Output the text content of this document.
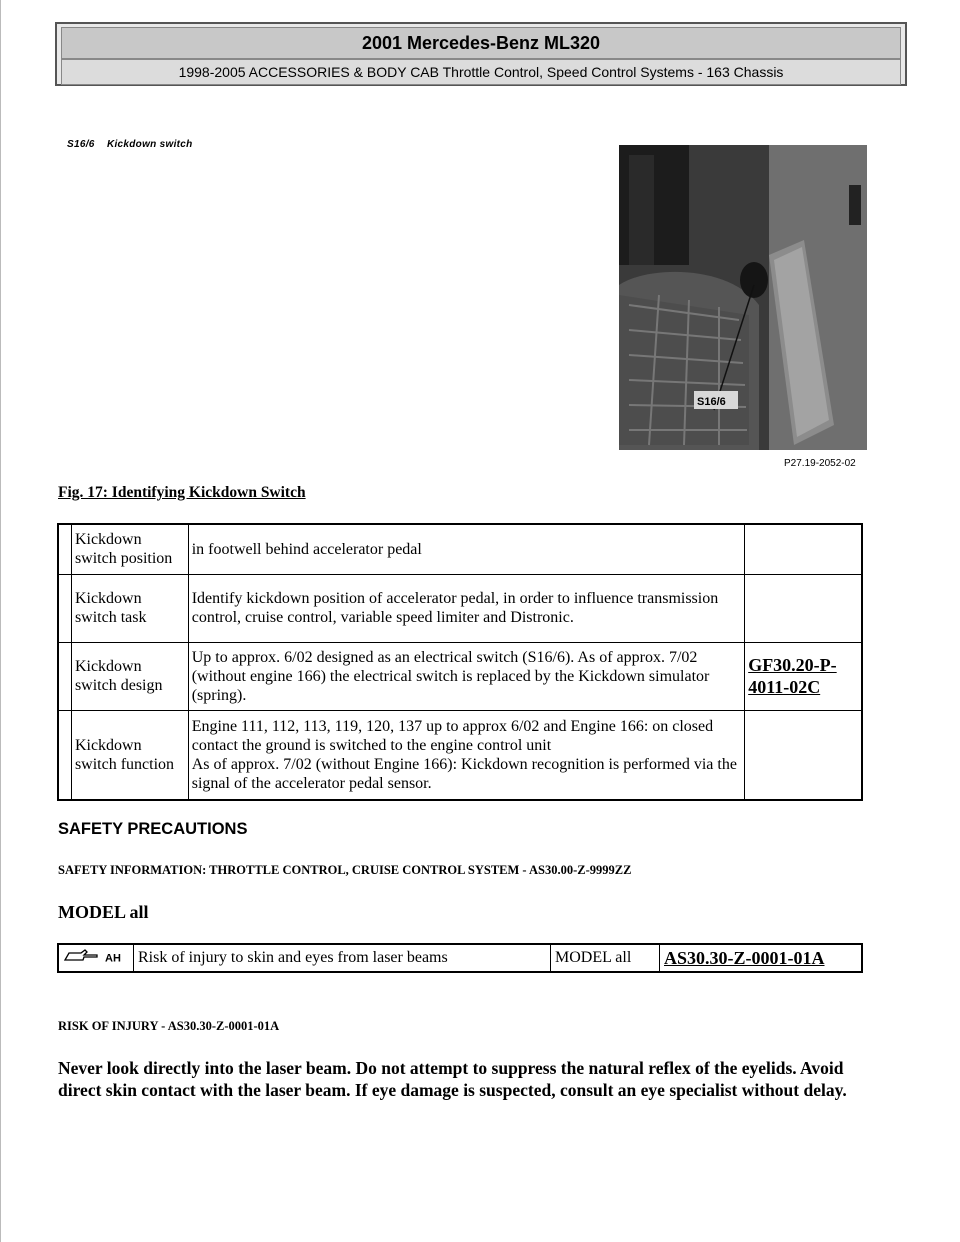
2001 Mercedes-Benz ML320
1998-2005 ACCESSORIES & BODY CAB Throttle Control, Speed Control Systems - 163 Chassis
S16/6    Kickdown switch
S16/6
P27.19-2052-02
Fig. 17: Identifying Kickdown Switch
	Kickdown switch position	in footwell behind accelerator pedal	
	Kickdown switch task	Identify kickdown position of accelerator pedal, in order to influence transmission control, cruise control, variable speed limiter and Distronic.	
	Kickdown switch design	Up to approx. 6/02 designed as an electrical switch (S16/6). As of approx. 7/02 (without engine 166) the electrical switch is replaced by the Kickdown simulator (spring).	GF30.20-P-4011-02C
	Kickdown switch function	Engine 111, 112, 113, 119, 120, 137 up to approx 6/02 and Engine 166: on closed contact the ground is switched to the engine control unit
As of approx. 7/02 (without Engine 166): Kickdown recognition is performed via the signal of the accelerator pedal sensor.	
SAFETY PRECAUTIONS
SAFETY INFORMATION: THROTTLE CONTROL, CRUISE CONTROL SYSTEM - AS30.00-Z-9999ZZ
MODEL all
AH	Risk of injury to skin and eyes from laser beams	MODEL all	AS30.30-Z-0001-01A
RISK OF INJURY - AS30.30-Z-0001-01A
Never look directly into the laser beam. Do not attempt to suppress the natural reflex of the eyelids. Avoid direct skin contact with the laser beam. If eye damage is suspected, consult an eye specialist without delay.
